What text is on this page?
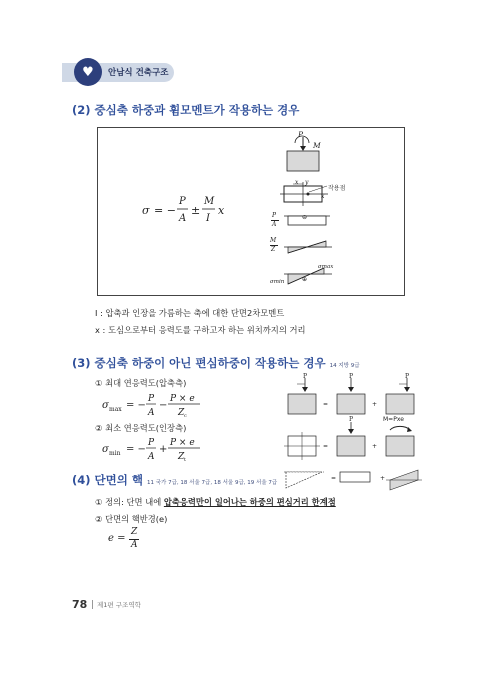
♥ 안남식 건축구조
(2) 중심축 하중과 휨모멘트가 작용하는 경우
σ = −
P
A
±
M
I
x
P
M
x y
x
작용점
P
A
⊖
M
Z
⊕
σmin
σmax
I : 압축과 인장을 가름하는 축에 대한 단면2차모멘트
x : 도심으로부터 응력도를 구하고자 하는 위치까지의 거리
(3) 중심축 하중이 아닌 편심하중이 작용하는 경우 14 지방 9급
① 최대 연응력도(압축측)
σ max = −
P
A
−
P × e
Z c
② 최소 연응력도(인장측)
σ min = −
P
A
+
P × e
Z t
P	P	P
=	+
P	M=Pxe
=	+
(4) 단면의 핵 11 국가 7급, 18 서울 7급, 18 서울 9급, 19 서울 7급
=	+
① 정의: 단면 내에 압축응력만이 일어나는 하중의 편심거리 한계점
② 단면의 핵반경(e)
e =
Z
A
78 제1편 구조역학
